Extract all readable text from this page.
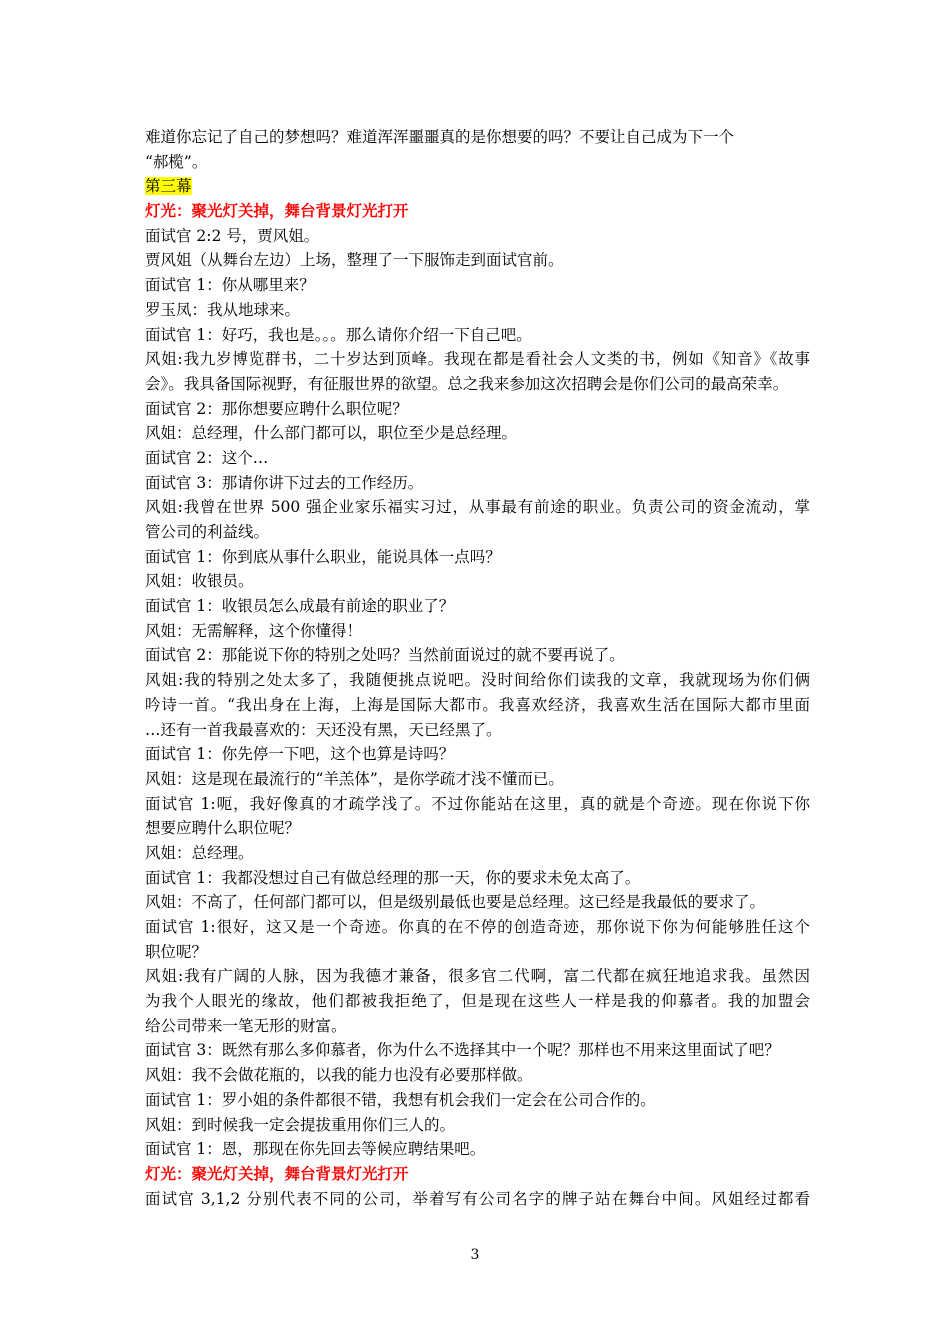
难道你忘记了自己的梦想吗？难道浑浑噩噩真的是你想要的吗？不要让自己成为下一个
“郝榄”。
第三幕
灯光：聚光灯关掉，舞台背景灯光打开
面试官 2:2 号，贾风姐。
贾风姐（从舞台左边）上场，整理了一下服饰走到面试官前。
面试官 1：你从哪里来？
罗玉凤：我从地球来。
面试官 1：好巧，我也是。。。那么请你介绍一下自己吧。
风姐:我九岁博览群书，二十岁达到顶峰。我现在都是看社会人文类的书，例如《知音》《故事
会》。我具备国际视野，有征服世界的欲望。总之我来参加这次招聘会是你们公司的最高荣幸。
面试官 2：那你想要应聘什么职位呢？
风姐：总经理，什么部门都可以，职位至少是总经理。
面试官 2：这个…
面试官 3：那请你讲下过去的工作经历。
风姐:我曾在世界 500 强企业家乐福实习过，从事最有前途的职业。负责公司的资金流动，掌
管公司的利益线。
面试官 1：你到底从事什么职业，能说具体一点吗？
风姐：收银员。
面试官 1：收银员怎么成最有前途的职业了？
风姐：无需解释，这个你懂得！
面试官 2：那能说下你的特别之处吗？当然前面说过的就不要再说了。
风姐:我的特别之处太多了，我随便挑点说吧。没时间给你们读我的文章，我就现场为你们俩
吟诗一首。“我出身在上海，上海是国际大都市。我喜欢经济，我喜欢生活在国际大都市里面
…还有一首我最喜欢的：天还没有黑，天已经黑了。
面试官 1：你先停一下吧，这个也算是诗吗？
风姐：这是现在最流行的“羊羔体”，是你学疏才浅不懂而已。
面试官 1:呃，我好像真的才疏学浅了。不过你能站在这里，真的就是个奇迹。现在你说下你
想要应聘什么职位呢？
风姐：总经理。
面试官 1：我都没想过自己有做总经理的那一天，你的要求未免太高了。
风姐：不高了，任何部门都可以，但是级别最低也要是总经理。这已经是我最低的要求了。
面试官 1:很好，这又是一个奇迹。你真的在不停的创造奇迹，那你说下你为何能够胜任这个
职位呢？
风姐:我有广阔的人脉，因为我德才兼备，很多官二代啊，富二代都在疯狂地追求我。虽然因
为我个人眼光的缘故，他们都被我拒绝了，但是现在这些人一样是我的仰慕者。我的加盟会
给公司带来一笔无形的财富。
面试官 3：既然有那么多仰慕者，你为什么不选择其中一个呢？那样也不用来这里面试了吧？
风姐：我不会做花瓶的，以我的能力也没有必要那样做。
面试官 1：罗小姐的条件都很不错，我想有机会我们一定会在公司合作的。
风姐：到时候我一定会提拔重用你们三人的。
面试官 1：恩，那现在你先回去等候应聘结果吧。
灯光：聚光灯关掉，舞台背景灯光打开
面试官 3,1,2 分别代表不同的公司，举着写有公司名字的牌子站在舞台中间。风姐经过都看
3
